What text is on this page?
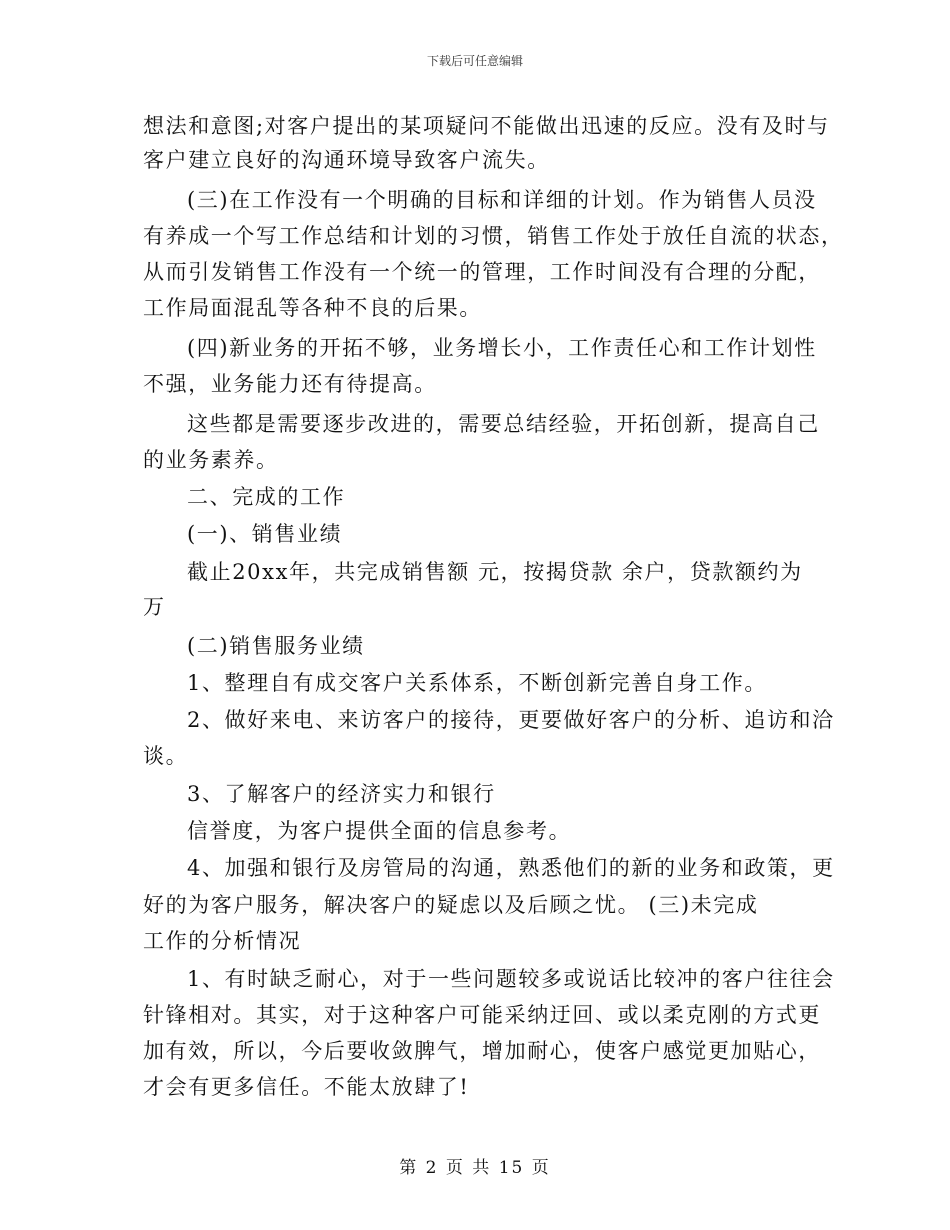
下载后可任意编辑
想法和意图;对客户提出的某项疑问不能做出迅速的反应。没有及时与
客户建立良好的沟通环境导致客户流失。
(三)在工作没有一个明确的目标和详细的计划。作为销售人员没
有养成一个写工作总结和计划的习惯，销售工作处于放任自流的状态，
从而引发销售工作没有一个统一的管理，工作时间没有合理的分配，
工作局面混乱等各种不良的后果。
(四)新业务的开拓不够，业务增长小，工作责任心和工作计划性
不强，业务能力还有待提高。
这些都是需要逐步改进的，需要总结经验，开拓创新，提高自己
的业务素养。
二、完成的工作
(一)、销售业绩
截止20xx年，共完成销售额 元，按揭贷款 余户，贷款额约为
万
(二)销售服务业绩
1、整理自有成交客户关系体系，不断创新完善自身工作。
2、做好来电、来访客户的接待，更要做好客户的分析、追访和洽
谈。
3、了解客户的经济实力和银行
信誉度，为客户提供全面的信息参考。
4、加强和银行及房管局的沟通，熟悉他们的新的业务和政策，更
好的为客户服务，解决客户的疑虑以及后顾之忧。 (三)未完成
工作的分析情况
1、有时缺乏耐心，对于一些问题较多或说话比较冲的客户往往会
针锋相对。其实，对于这种客户可能采纳迂回、或以柔克刚的方式更
加有效，所以，今后要收敛脾气，增加耐心，使客户感觉更加贴心，
才会有更多信任。不能太放肆了!
第 2 页 共 15 页
